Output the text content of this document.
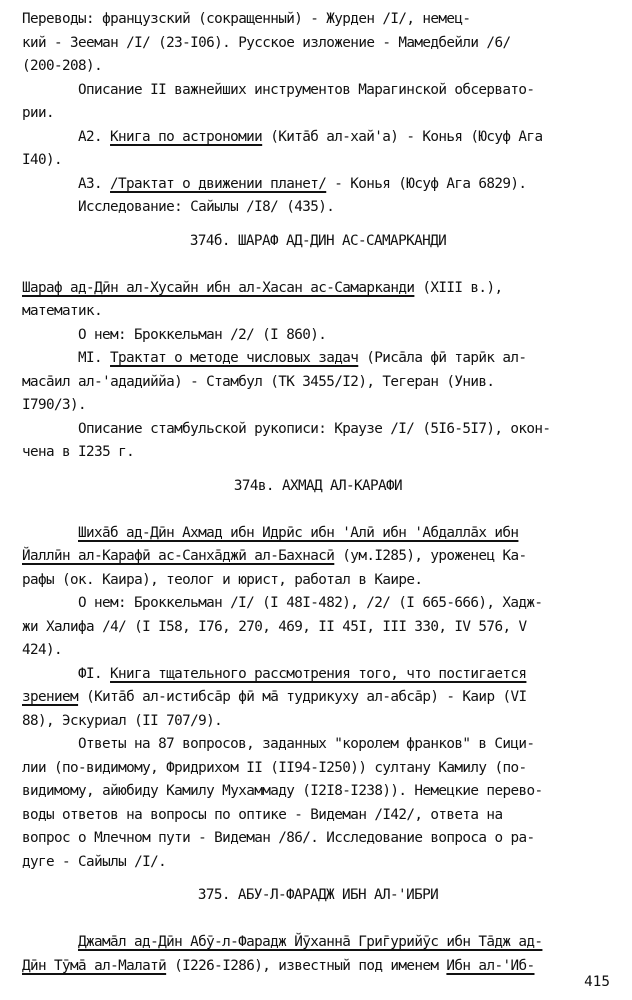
Переводы: французский (сокращенный) - Журден /I/, немец-
кий - Зееман /I/ (23-I06). Русское изложение - Мамедбейли /6/
(200-208).
Описание II важнейших инструментов Марагинской обсервато-
рии.
А2. Книга по астрономии (Кита̄б ал-хай'а) - Конья (Юсуф Ага
I40).
А3. /Трактат о движении планет/ - Конья (Юсуф Ага 6829).
Исследование: Сайылы /I8/ (435).
374б. ШАРАФ АД-ДИН АС-САМАРКАНДИ
Шараф ад-Дӣн ал-Хусайн ибн ал-Хасан ас-Самарканди (XIII в.),
математик.
О нем: Броккельман /2/ (I 860).
MI. Трактат о методе числовых задач (Риса̄ла фӣ тарӣк ал-
маса̄ил ал-'ададиййа) - Стамбул (ТК 3455/I2), Тегеран (Унив.
I790/3).
Описание стамбульской рукописи: Краузе /I/ (5I6-5I7), окон-
чена в I235 г.
374в. АХМАД АЛ-КАРАФИ
Шиха̄б ад-Дӣн Ахмад ибн Идрӣс ибн 'Алӣ ибн 'Абдалла̄х ибн
Йаллӣн ал-Карафӣ ас-Санха̄джӣ ал-Бахнасӣ (ум.I285), уроженец Ка-
рафы (ок. Каира), теолог и юрист, работал в Каире.
О нем: Броккельман /I/ (I 48I-482), /2/ (I 665-666), Хадж-
жи Халифа /4/ (I I58, I76, 270, 469, II 45I, III 330, IV 576, V
424).
ФI. Книга тщательного рассмотрения того, что постигается
зрением (Кита̄б ал-истибса̄р фӣ ма̄ тудрикуху ал-абса̄р) - Каир (VI
88), Эскуриал (II 707/9).
Ответы на 87 вопросов, заданных "королем франков" в Сици-
лии (по-видимому, Фридрихом II (II94-I250)) султану Камилу (по-
видимому, айюбиду Камилу Мухаммаду (I2I8-I238)). Немецкие перево-
воды ответов на вопросы по оптике - Видеман /I42/, ответа на
вопрос о Млечном пути - Видеман /86/. Исследование вопроса о ра-
дуге - Сайылы /I/.
375. АБУ-Л-ФАРАДЖ ИБН АЛ-'ИБРИ
Джама̄л ад-Дӣн Абӯ-л-Фарадж Йӯханна̄ Григ̄урийӯс ибн Та̄дж ад-
Дӣн Тӯма̄ ал-Малатӣ (I226-I286), известный под именем Ибн ал-'Иб-
415
